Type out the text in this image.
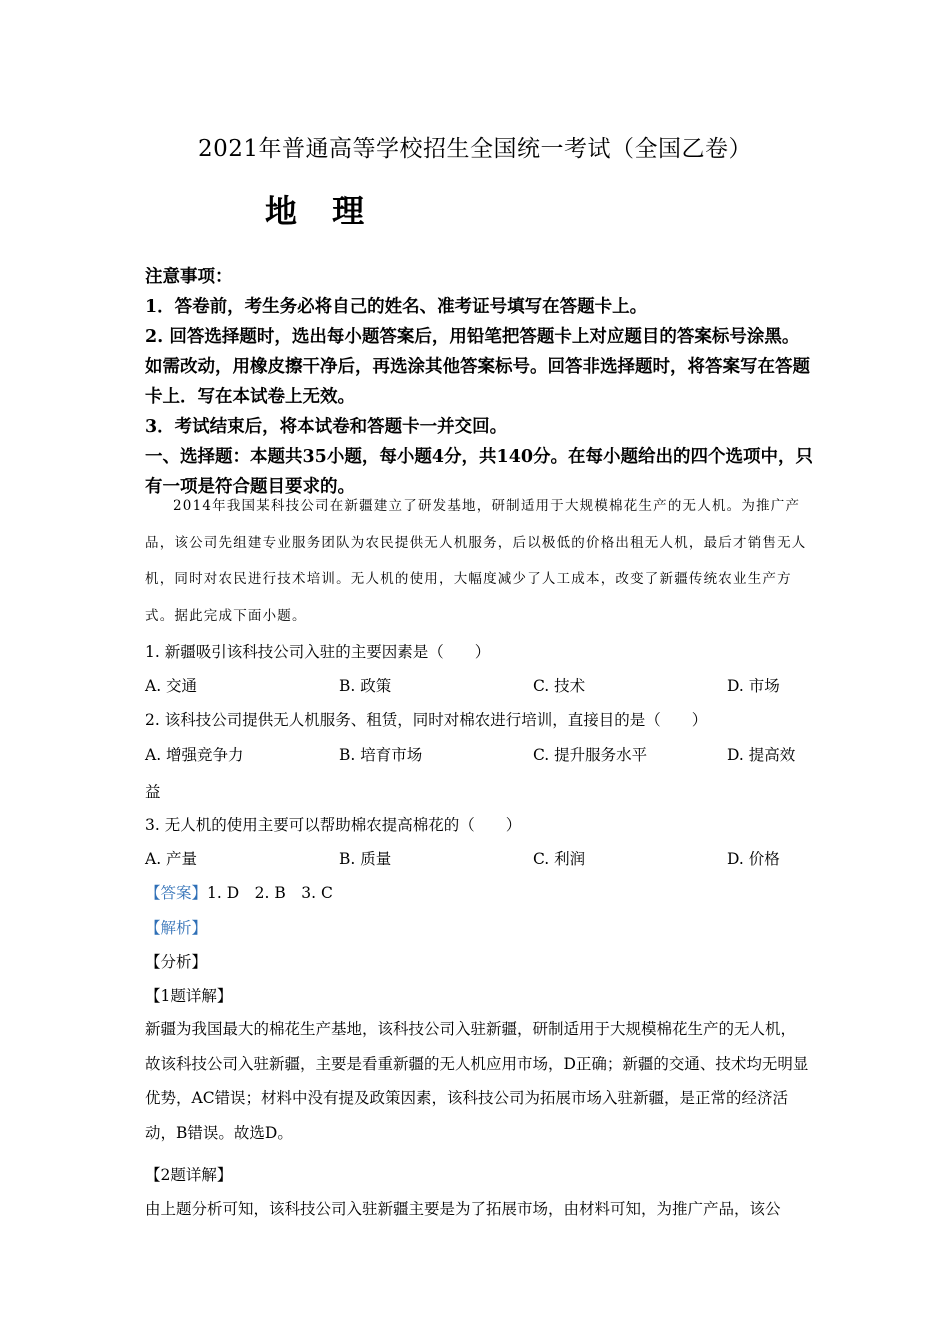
2021年普通高等学校招生全国统一考试（全国乙卷）
地 理
注意事项：
1．答卷前，考生务必将自己的姓名、准考证号填写在答题卡上。
2. 回答选择题时，选出每小题答案后，用铅笔把答题卡上对应题目的答案标号涂黑。如需改动，用橡皮擦干净后，再选涂其他答案标号。回答非选择题时，将答案写在答题卡上．写在本试卷上无效。
3．考试结束后，将本试卷和答题卡一并交回。
一、选择题：本题共35小题，每小题4分，共140分。在每小题给出的四个选项中，只有一项是符合题目要求的。

2014年我国某科技公司在新疆建立了研发基地，研制适用于大规模棉花生产的无人机。为推广产品，该公司先组建专业服务团队为农民提供无人机服务，后以极低的价格出租无人机，最后才销售无人机，同时对农民进行技术培训。无人机的使用，大幅度减少了人工成本，改变了新疆传统农业生产方式。据此完成下面小题。

1. 新疆吸引该科技公司入驻的主要因素是（　　）
A. 交通	B. 政策	C. 技术	D. 市场
2. 该科技公司提供无人机服务、租赁，同时对棉农进行培训，直接目的是（　　）
A. 增强竞争力	B. 培育市场	C. 提升服务水平	D. 提高效
益
3. 无人机的使用主要可以帮助棉农提高棉花的（　　）
A. 产量	B. 质量	C. 利润	D. 价格
【答案】1. D　2. B　3. C
【解析】
【分析】
【1题详解】
新疆为我国最大的棉花生产基地，该科技公司入驻新疆，研制适用于大规模棉花生产的无人机，故该科技公司入驻新疆，主要是看重新疆的无人机应用市场，D正确；新疆的交通、技术均无明显优势，AC错误；材料中没有提及政策因素，该科技公司为拓展市场入驻新疆，是正常的经济活动，B错误。故选D。
【2题详解】
由上题分析可知，该科技公司入驻新疆主要是为了拓展市场，由材料可知，为推广产品，该公
